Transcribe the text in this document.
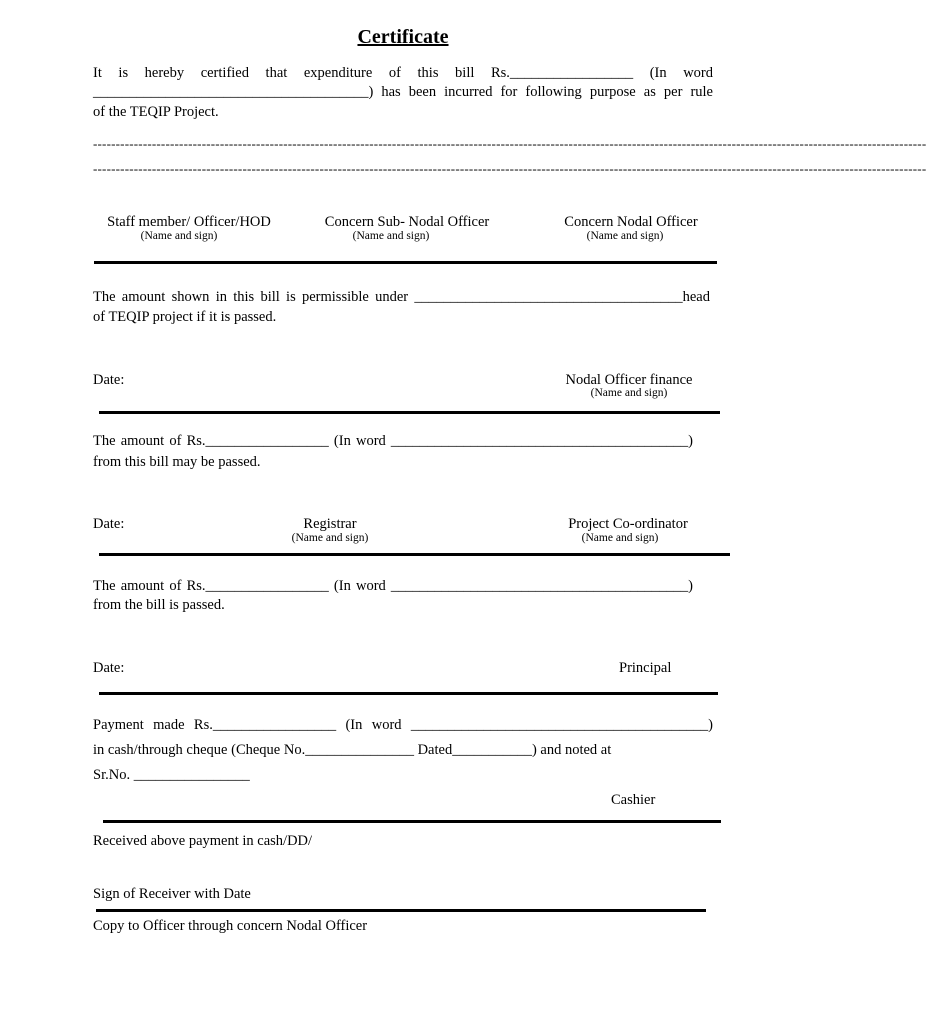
Certificate
It is hereby certified that expenditure of this bill Rs._________________ (In word
______________________________________) has been incurred for following purpose as per rule
of the TEQIP Project.
----------------------------------------------------------------------------------------------------------------------------------------------------------------------------------------
----------------------------------------------------------------------------------------------------------------------------------------------------------------------------------------
Staff member/ Officer/HOD
(Name and sign)
Concern Sub- Nodal Officer
(Name and sign)
Concern Nodal Officer
(Name and sign)
The amount shown in this bill is permissible under _____________________________________head
of TEQIP project if it is passed.
Date:	Nodal Officer finance
(Name and sign)
The amount of Rs._________________ (In word _________________________________________)
from this bill may be passed.
Date:	Registrar
(Name and sign)
Project Co-ordinator
(Name and sign)
The amount of Rs._________________ (In word _________________________________________)
from the bill is passed.
Date:	Principal
Payment made Rs._________________ (In word _________________________________________)
in cash/through cheque (Cheque No._______________ Dated___________) and noted at
Sr.No. ________________
Cashier
Received above payment in cash/DD/
Sign of Receiver with Date
Copy to Officer through concern Nodal Officer
